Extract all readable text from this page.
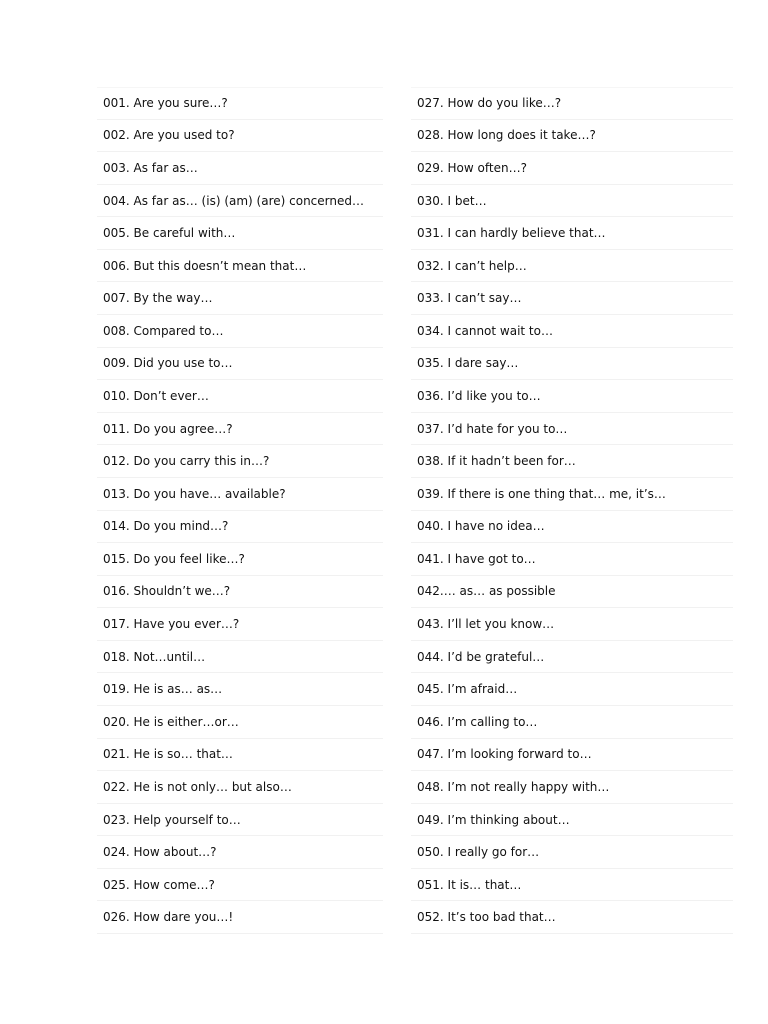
001. Are you sure…?
002. Are you used to?
003. As far as…
004. As far as… (is) (am) (are) concerned…
005. Be careful with…
006. But this doesn’t mean that…
007. By the way…
008. Compared to…
009. Did you use to…
010. Don’t ever…
011. Do you agree…?
012. Do you carry this in…?
013. Do you have… available?
014. Do you mind…?
015. Do you feel like…?
016. Shouldn’t we…?
017. Have you ever…?
018. Not…until…
019. He is as… as…
020. He is either…or…
021. He is so… that…
022. He is not only… but also…
023. Help yourself to…
024. How about…?
025. How come…?
026. How dare you…!
027. How do you like…?
028. How long does it take…?
029. How often…?
030. I bet…
031. I can hardly believe that…
032. I can’t help…
033. I can’t say…
034. I cannot wait to…
035. I dare say…
036. I’d like you to…
037. I’d hate for you to…
038. If it hadn’t been for…
039. If there is one thing that… me, it’s…
040. I have no idea…
041. I have got to…
042.… as… as possible
043. I’ll let you know…
044. I’d be grateful…
045. I’m afraid…
046. I’m calling to…
047. I’m looking forward to…
048. I’m not really happy with…
049. I’m thinking about…
050. I really go for…
051. It is… that…
052. It’s too bad that…
